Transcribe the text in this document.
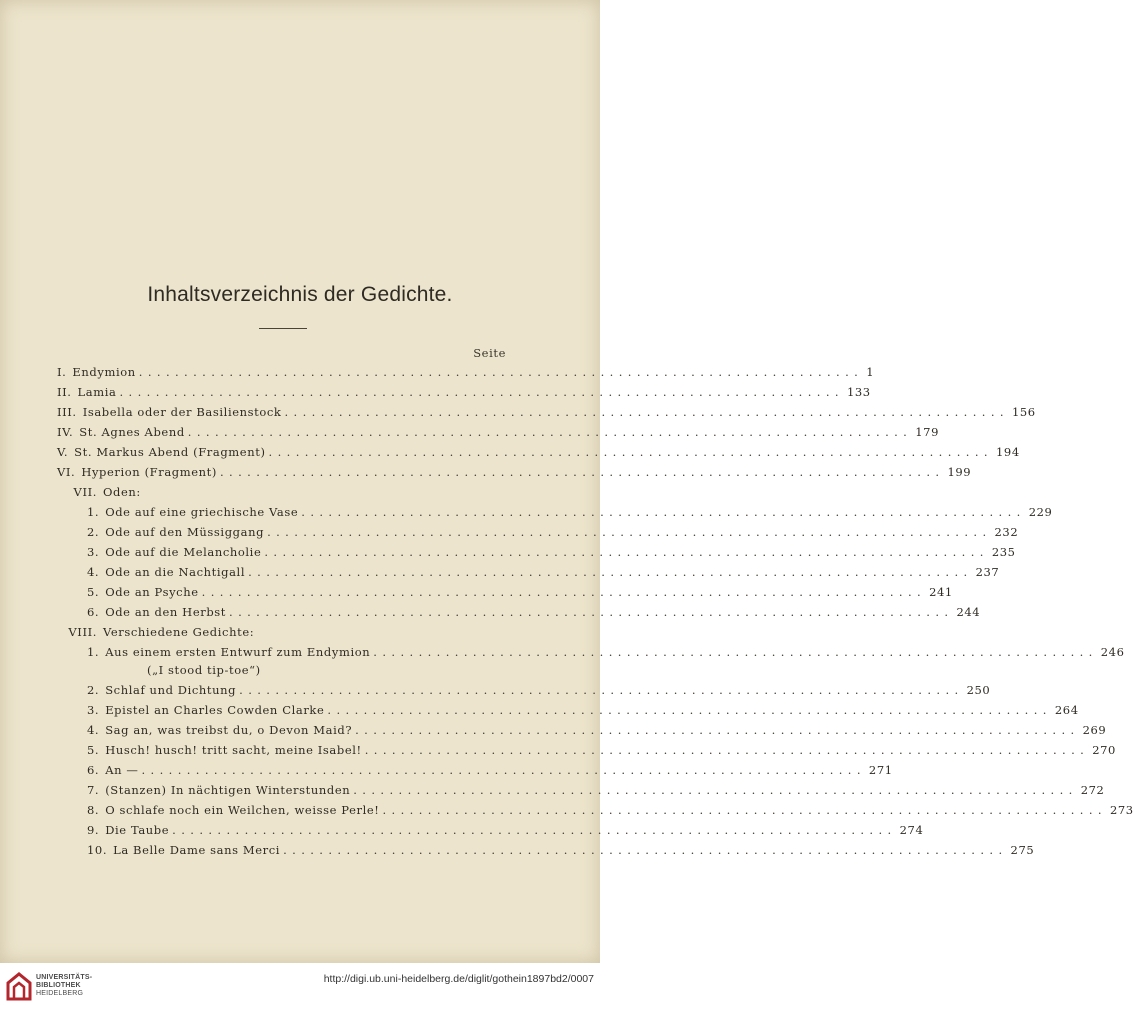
Inhaltsverzeichnis der Gedichte.
Seite
I. Endymion ................................................................................ 1
II. Lamia ................................................................................ 133
III. Isabella oder der Basilienstock ................................................................................ 156
IV. St. Agnes Abend ................................................................................ 179
V. St. Markus Abend (Fragment) ................................................................................ 194
VI. Hyperion (Fragment) ................................................................................ 199
VII. Oden:
1. Ode auf eine griechische Vase ................................................................................ 229
2. Ode auf den Müssiggang ................................................................................ 232
3. Ode auf die Melancholie ................................................................................ 235
4. Ode an die Nachtigall ................................................................................ 237
5. Ode an Psyche ................................................................................ 241
6. Ode an den Herbst ................................................................................ 244
VIII. Verschiedene Gedichte:
1. Aus einem ersten Entwurf zum Endymion ................................................................................ 246
(„I stood tip-toe“)
2. Schlaf und Dichtung ................................................................................ 250
3. Epistel an Charles Cowden Clarke ................................................................................ 264
4. Sag an, was treibst du, o Devon Maid? ................................................................................ 269
5. Husch! husch! tritt sacht, meine Isabel! ................................................................................ 270
6. An — ................................................................................ 271
7. (Stanzen) In nächtigen Winterstunden ................................................................................ 272
8. O schlafe noch ein Weilchen, weisse Perle! ................................................................................ 273
9. Die Taube ................................................................................ 274
10. La Belle Dame sans Merci ................................................................................ 275
UNIVERSITÄTS-
BIBLIOTHEK
HEIDELBERG
http://digi.ub.uni-heidelberg.de/diglit/gothein1897bd2/0007
